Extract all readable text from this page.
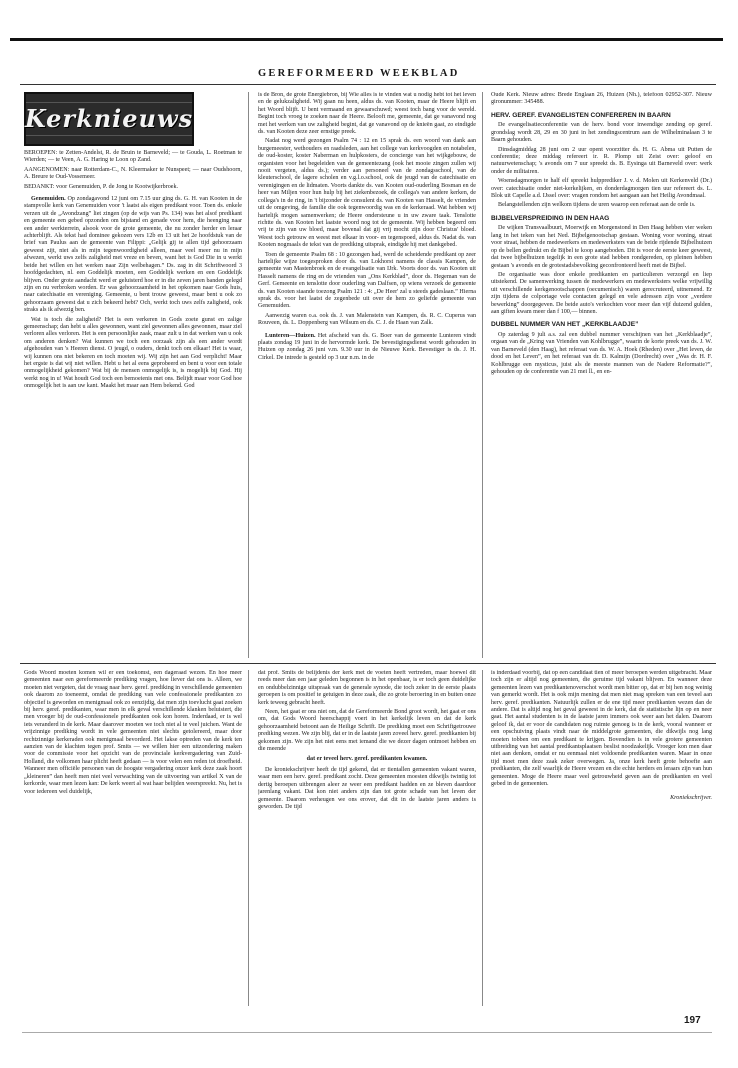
GEREFORMEERD WEEKBLAD
Kerknieuws

BEROEPEN: te Zetten-Andelst, R. de Bruin te Barneveld; — te Gouda, L. Roetman te Wierden; — te Veen, A. G. Haring te Loon op Zand.

AANGENOMEN: naar Rotterdam-C., N. Kleermaker te Nunspeet; — naar Oudshoorn, A. Breure te Oud-Vossemeer.

BEDANKT: voor Genemuiden, P. de Jong te Kootwijkerbroek.

Genemuiden. Op zondagavond 12 juni om 7.15 uur ging ds. G. H. van Kooten in de stampvolle kerk van Genemuiden voor 't laatst als eigen predikant voor. Toen ds. enkele verzen uit de „Avondzang” liet zingen (op de wijs van Ps. 134) was het alsof predikant en gemeente een gebed opzonden om bijstand en genade voor hem, die heenging naar een ander werkterrein, alsook voor de grote gemeente, die nu zonder herder en leraar achterblijft. Als tekst had dominee gekozen vers 12b en 13 uit het 2e hoofdstuk van de brief van Paulus aan de gemeente van Filippi: „Gelijk gij te allen tijd gehoorzaam geweest zijt, niet als in mijn tegenwoordigheid alleen, maar veel meer nu in mijn afwezen, werkt uws zelfs zaligheid met vreze en beven, want het is God Die in u werkt beide het willen en het werken naar Zijn welbehagen.” Ds. zag in dit Schriftwoord 3 hoofdgedachten, nl. een Goddelijk moeten, een Goddelijk werken en een Goddelijk blijven. Onder grote aandacht werd er geluisterd hoe er in die zeven jaren banden gelegd zijn en nu verbroken worden. Er was gehoorzaamheid in het opkomen naar Gods huis, naar catechisatie en vereniging. Gemeente, u bent trouw geweest, maar bent u ook zo gehoorzaam geweest dat u zich bekeerd hebt? Och, werkt toch uws zelfs zaligheid, ook straks als ik afwezig ben.

Wat is toch die zaligheid? Het is een verkeren in Gods zoete gunst en zalige gemeenschap; dan hebt u alles gewonnen, want ziel gewonnen alles gewonnen, maar ziel verloren alles verloren. Het is een persoonlijke zaak, maar zult u in dat werken van u ook om anderen denken? Wat kunnen we toch een oorzaak zijn als een ander wordt afgehouden van 's Heeren dienst. O jeugd, o ouders, denkt toch om elkaar! Het is waar, wij kunnen ons niet bekeren en toch moeten wij. Wij zijn het aan God verplicht! Maar het ergste is dat wij niet willen. Hebt u het al eens geprobeerd en bent u voor een totale onmogelijkheid gekomen? Wat bij de mensen onmogelijk is, is mogelijk bij God. Hij werkt nog in u! Wat houdt God toch een bemoeienis met ons. Belijdt maar voor God hoe onmogelijk het is aan uw kant. Maakt het maar aan Hem bekend. God

is de Bron, de grote Energiebron, bij Wie alles is te vinden wat u nodig hebt tot het leven en de gelukzaligheid. Wij gaan nu heen, aldus ds. van Kooten, maar de Heere blijft en het Woord blijft. U bent vermaand en gewaarschuwd; weest toch bang voor de wereld. Begint toch vroeg te zoeken naar de Heere. Belooft me, gemeente, dat ge vanavond nog met het werken van uw zaligheid begint, dat ge vanavond op de knieën gaat, zo eindigde ds. van Kooten deze zeer ernstige preek.

Nadat nog werd gezongen Psalm 74 : 12 en 15 sprak ds. een woord van dank aan burgemeester, wethouders en raadsleden, aan het college van kerkvoogden en notabelen, de oud-koster, koster Naberman en hulpkosters, de concierge van het wijkgebouw, de organisten voor het begeleiden van de gemeentezang (ook het mooie zingen zullen wij nooit vergeten, aldus ds.); verder aan personeel van de zondagsschool, van de kleuterschool, de lagere scholen en v.g.l.o.school, ook de jeugd van de catechisatie en verenigingen en de lidmaten. Voorts dankte ds. van Kooten oud-ouderling Bosman en de heer van Miljen voor hun hulp bij het ziekenbezoek, de collega's van andere kerken, de collega's in de ring, in 't bijzonder de consulent ds. van Kooten van Hasselt, de vrienden uit de omgeving, de familie die ook tegenwoordig was en de kerkeraad. Wat hebben wij hartelijk mogen samenwerken; de Heere ondersteune u in uw zware taak. Tenslotte richtte ds. van Kooten het laatste woord nog tot de gemeente. Wij hebben begeerd om vrij te zijn van uw bloed, maar bovenal dat gij vrij mocht zijn door Christus' bloed. Weest toch getrouw en weest met elkaar in voor- en tegenspoed, aldus ds. Nadat ds. van Kooten nogmaals de tekst van de prediking uitsprak, eindigde hij met dankgebed.

Toen de gemeente Psalm 68 : 10 gezongen had, werd de scheidende predikant op zeer hartelijke wijze toegesproken door ds. van Lokhorst namens de classis Kampen, de gemeente van Mastenbroek en de evangelisatie van IJrk. Voorts door ds. van Kooten uit Hasselt namens de ring en de vrienden van „Ons Kerkblad”, door ds. Hegeman van de Gerf. Gemeente en tenslotte door ouderling van Dalfsen, op wiens verzoek de gemeente ds. van Kooten staande toezong Psalm 121 : 4: „De Heer' zal u steeds gadeslaan.” Hierna sprak ds. voor het laatst de zegenbede uit over de hem zo geliefde gemeente van Genemuiden.

Aanwezig waren o.a. ook ds. J. van Malenstein van Kampen, ds. R. C. Cuperus van Rouveen, ds. L. Doppenberg van Wilsum en ds. C. J. de Haan van Zalk.

Lunteren—Huizen. Het afscheid van ds. G. Boer van de gemeente Lunteren vindt plaats zondag 19 juni in de hervormde kerk. De bevestigingsdienst wordt gehouden in Huizen op zondag 26 juni v.m. 9.30 uur in de Nieuwe Kerk. Bevestiger is ds. J. H. Cirkel. De intrede is gesteld op 3 uur n.m. in de

Oude Kerk. Nieuw adres: Brede Englaan 26, Huizen (Nh.), telefoon 02952-307. Nieuw gironummer: 345488.

HERV. GEREF. EVANGELISTEN CONFEREREN IN BAARN

De evangelisatieconferentie van de herv. bond voor inwendige zending op geref. grondslag wordt 28, 29 en 30 juni in het zendingscentrum aan de Wilhelminalaan 3 te Baarn gehouden.

Dinsdagmiddag 28 juni om 2 uur opent voorzitter ds. H. G. Abma uit Putten de conferentie; deze middag refereert ir. R. Plomp uit Zeist over: geloof en natuurwetenschap; 's avonds om 7 uur spreekt ds. B. Eysinga uit Barneveld over: werk onder de militairen.

Woensdagmorgen te half elf spreekt hulpprediker J. v. d. Molen uit Kerkenveld (Dr.) over: catechisatie onder niet-kerkelijken, en donderdagmorgen tien uur refereert ds. L. Blok uit Capelle a.d. IJssel over: vragen rondom het aangaan aan het Heilig Avondmaal.

Belangstellenden zijn welkom tijdens de uren waarop een referaat aan de orde is.

BIJBELVERSPREIDING IN DEN HAAG

De wijken Transvaalbuurt, Moerwijk en Morgenstond in Den Haag hebben vier weken lang in het teken van het Ned. Bijbelgenootschap gestaan. Woning voor woning, straat voor straat, hebben de medewerkers en medewerksters van de beide rijdende Bijbelhuizen op de bellen gedrukt en de Bijbel te koop aangeboden. Dit is voor de eerste keer geweest, dat twee bijbelhuizen tegelijk in een grote stad hebben rondgereden, op pleinen hebben gestaan 's avonds en de grotestadsbevolking geconfronteerd heeft met de Bijbel.

De organisatie was door enkele predikanten en particulieren verzorgd en liep uitstekend. De samenwerking tussen de medewerkers en medewerksters welke vrijwillig uit verschillende kerkgenootschappen (oecumenisch) waren gerecruteerd, uitnemend. Er zijn tijdens de colportage vele contacten gelegd en vele adressen zijn voor „verdere bewerking” doorgegeven. De beide auto's verkochten voor meer dan vijf duizend gulden, aan giften kwam meer dan f 100,— binnen.

DUBBEL NUMMER VAN HET „KERKBLAADJE”

Op zaterdag 9 juli a.s. zal een dubbel nummer verschijnen van het „Kerkblaadje”, orgaan van de „Kring van Vrienden van Kohlbrugge”, waarin de korte preek van ds. J. W. van Barneveld (den Haag), het referaat van ds. W. A. Hoek (Rheden) over „Het leven, de dood en het Leven”, en het referaat van dr. D. Kalmijn (Dordrecht) over „Was dr. H. F. Kohlbrugge een mysticus, juist als de meeste mannen van de Nadere Reformatie?”, gehouden op de conferentie van 21 mei ll., en en-

Gods Woord moeten komen wil er een toekomst, een dageraad wezen. En hoe meer gemeenten naar een gereformeerde prediking vragen, hoe liever dat ons is. Alleen, we moeten niet vergeten, dat de vraag naar herv. geref. prediking in verschillende gemeenten ook daarom zo toeneemt, omdat de prediking van vele confessionele predikanten zo objectief is geworden en menigmaal ook zo eenzijdig, dat men zijn toevlucht gaat zoeken bij herv. geref. predikanten, waar men in elk geval verschillende klanken beluistert, die men vroeger bij de oud-confessionele predikanten ook kon horen. Inderdaad, er is wel iets veranderd in de kerk. Maar daarover moeten we toch niet al te veel juichen. Want de vrijzinnige prediking wordt in vele gemeenten niet slechts getolereerd, maar door rechtzinnige kerkeraden ook menigmaal bevorderd. Het lakse optreden van de kerk ten aanzien van de klachten tegen prof. Smits — we willen hier een uitzondering maken voor de commissie voor het opzicht van de provinciale kerkvergadering van Zuid-Holland, die volkomen haar plicht heeft gedaan — is voor velen een reden tot droefheid. Wanneer men officiële personen van de hoogste vergadering onzer kerk deze zaak hoort „kleineren” dan heeft men niet veel verwachting van de uitvoering van artikel X van de kerkorde, waar men lezen kan: De kerk weert al wat haar belijden weerspreekt. Nu, het is voor iedereen wel duidelijk,

dat prof. Smits de belijdenis der kerk met de voeten heeft vertreden, maar hoewel dit reeds meer dan een jaar geleden begonnen is in het openbaar, is er toch geen duidelijke en ondubbelzinnige uitspraak van de generale synode, die toch zeker in de eerste plaats geroepen is om positief te getuigen in deze zaak, die zo grote beroering in en buiten onze kerk teweeg gebracht heeft.

Neen, het gaat er ons niet om, dat de Gereformeerde Bond groot wordt, het gaat er ons om, dat Gods Woord heerschappij voert in het kerkelijk leven en dat de kerk gehoorzaamheid betoont aan de Heilige Schrift. De prediking moet een Schriftgetrouwe prediking wezen. We zijn blij, dat er in de laatste jaren zoveel herv. geref. predikanten bij gekomen zijn. We zijn het niet eens met iemand die we dezer dagen ontmoet hebben en die meende

dat er teveel herv. geref. predikanten kwamen.

De kroniekschrijver heeft de tijd gekend, dat er tientallen gemeenten vakant waren, waar men een herv. geref. predikant zocht. Deze gemeenten moesten dikwijls twintig tot dertig beroepen uitbrengen aleer ze weer een predikant hadden en ze bleven daardoor jarenlang vakant. Dat kon niet anders zijn dan tot grote schade van het leven der gemeente. Daarom verheugen we ons erover, dat dit in de laatste jaren anders is geworden. De tijd

is inderdaad voorbij, dat op een candidaat tien of meer beroepen werden uitgebracht. Maar toch zijn er altijd nog gemeenten, die geruime tijd vakant blijven. En wanneer deze gemeenten lezen van predikantenoverschot wordt men bitter op, dat er bij hen nog weinig van gemerkt wordt. Het is ook mijn mening dat men niet mag spreken van een teveel aan herv. geref. predikanten. Natuurlijk zullen er de ene tijd meer predikanten wezen dan de andere. Dat is altijd nog het geval geweest in de kerk, dat de statistische lijn op en neer gaat. Het aantal studenten is in de laatste jaren immers ook weer aan het dalen. Daarom geloof ik, dat er voor de candidaten nog ruimte genoeg is in de kerk, vooral wanneer er een opschuiving plaats vindt naar de middelgrote gemeenten, die dikwijls nog lang moeten tobben om een predikant te krijgen. Bovendien is in vele grotere gemeenten uitbreiding van het aantal predikantsplaatsen beslist noodzakelijk. Vroeger kon men daar niet aan denken, omdat er nu eenmaal niet voldoende predikanten waren. Maar in onze tijd moet men deze zaak zeker overwegen. Ja, onze kerk heeft grote behoefte aan predikanten, die zelf waarlijk de Heere vrezen en die echte herders en leraars zijn van hun gemeenten. Moge de Heere maar veel getrouwheid geven aan de predikanten en veel gebed in de gemeenten.

Kroniekschrijver.
197
